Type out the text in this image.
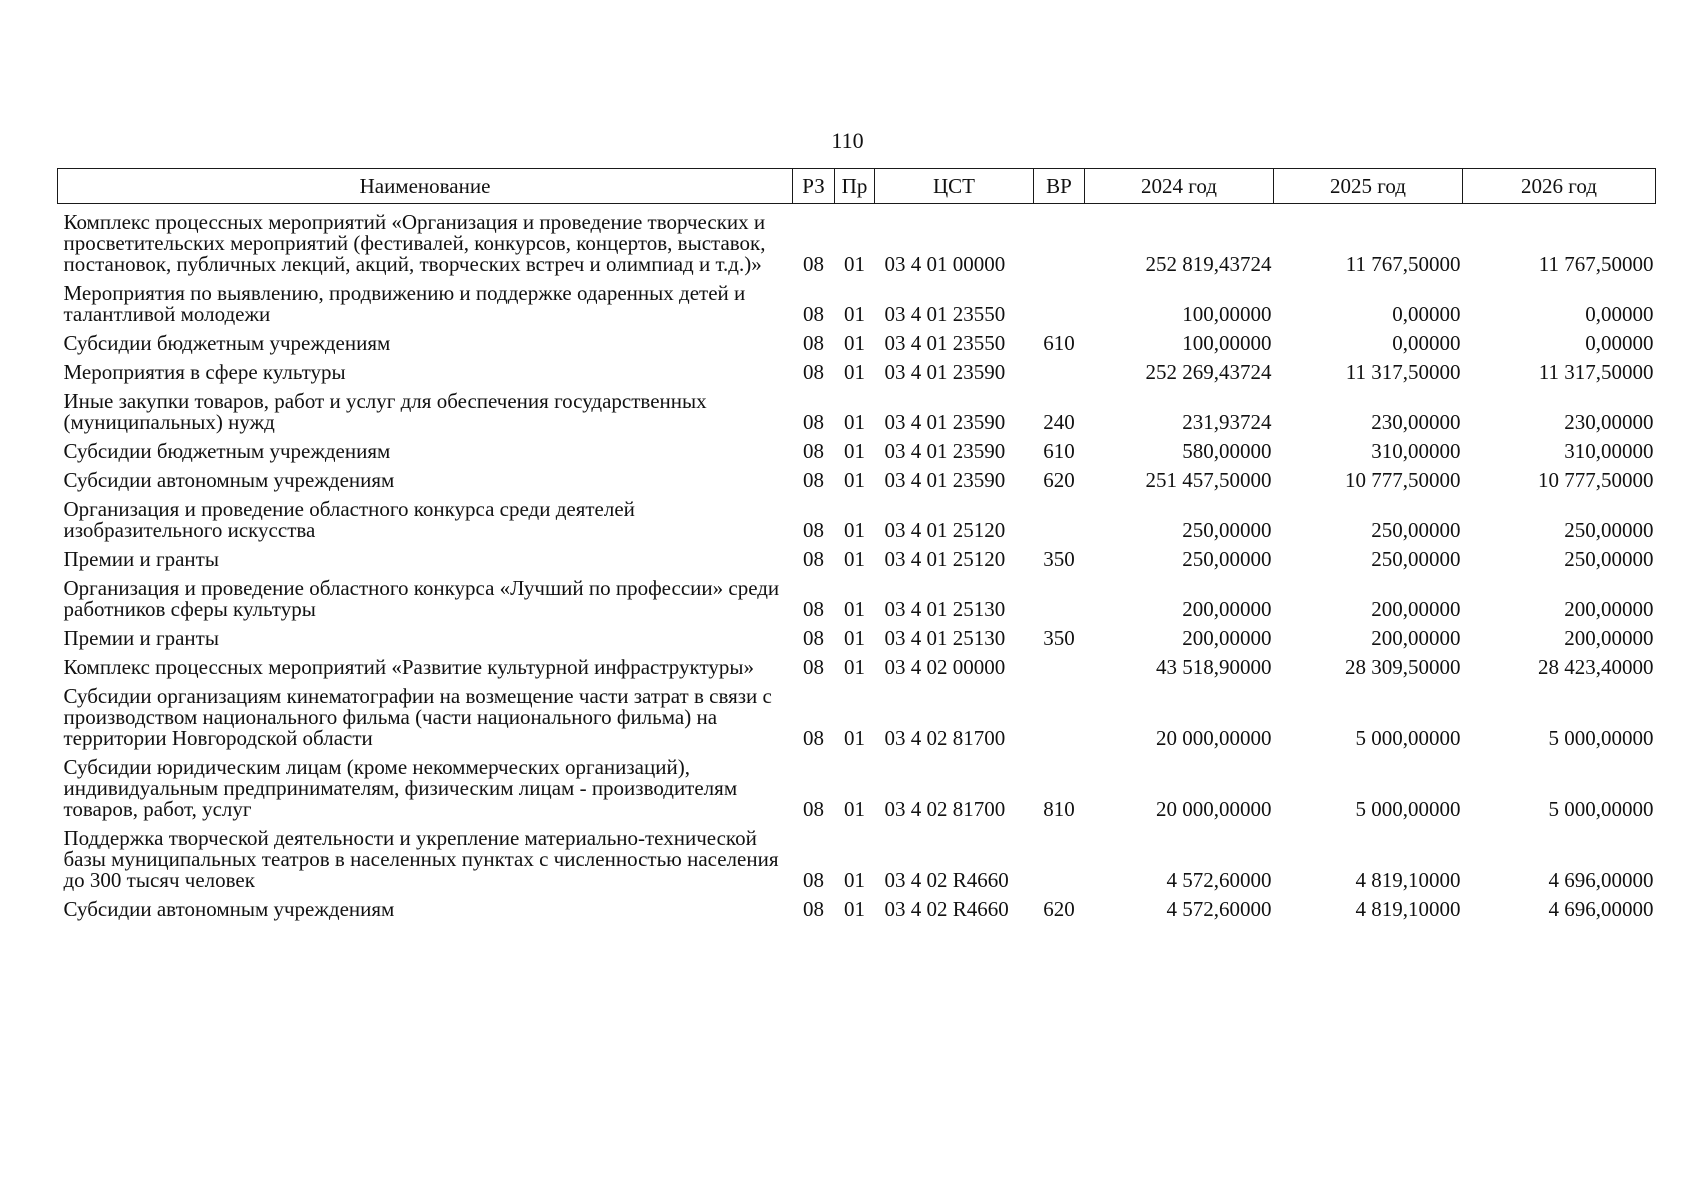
110
Наименование	РЗ	Пр	ЦСТ	ВР	2024 год	2025 год	2026 год
Комплекс процессных мероприятий «Организация и проведение творческих и просветительских мероприятий (фестивалей, конкурсов, концертов, выставок, постановок, публичных лекций, акций, творческих встреч и олимпиад и т.д.)»	08	01	03 4 01 00000		252 819,43724	11 767,50000	11 767,50000
Мероприятия по выявлению, продвижению и поддержке одаренных детей и талантливой молодежи	08	01	03 4 01 23550		100,00000	0,00000	0,00000
Субсидии бюджетным учреждениям	08	01	03 4 01 23550	610	100,00000	0,00000	0,00000
Мероприятия в сфере культуры	08	01	03 4 01 23590		252 269,43724	11 317,50000	11 317,50000
Иные закупки товаров, работ и услуг для обеспечения государственных (муниципальных) нужд	08	01	03 4 01 23590	240	231,93724	230,00000	230,00000
Субсидии бюджетным учреждениям	08	01	03 4 01 23590	610	580,00000	310,00000	310,00000
Субсидии автономным учреждениям	08	01	03 4 01 23590	620	251 457,50000	10 777,50000	10 777,50000
Организация и проведение областного конкурса среди деятелей изобразительного искусства	08	01	03 4 01 25120		250,00000	250,00000	250,00000
Премии и гранты	08	01	03 4 01 25120	350	250,00000	250,00000	250,00000
Организация и проведение областного конкурса «Лучший по профессии» среди работников сферы культуры	08	01	03 4 01 25130		200,00000	200,00000	200,00000
Премии и гранты	08	01	03 4 01 25130	350	200,00000	200,00000	200,00000
Комплекс процессных мероприятий «Развитие культурной инфраструктуры»	08	01	03 4 02 00000		43 518,90000	28 309,50000	28 423,40000
Субсидии организациям кинематографии на возмещение части затрат в связи с производством национального фильма (части национального фильма) на территории Новгородской области	08	01	03 4 02 81700		20 000,00000	5 000,00000	5 000,00000
Субсидии юридическим лицам (кроме некоммерческих организаций), индивидуальным предпринимателям, физическим лицам - производителям товаров, работ, услуг	08	01	03 4 02 81700	810	20 000,00000	5 000,00000	5 000,00000
Поддержка творческой деятельности и укрепление материально-технической базы муниципальных театров в населенных пунктах с численностью населения до 300 тысяч человек	08	01	03 4 02 R4660		4 572,60000	4 819,10000	4 696,00000
Субсидии автономным учреждениям	08	01	03 4 02 R4660	620	4 572,60000	4 819,10000	4 696,00000
